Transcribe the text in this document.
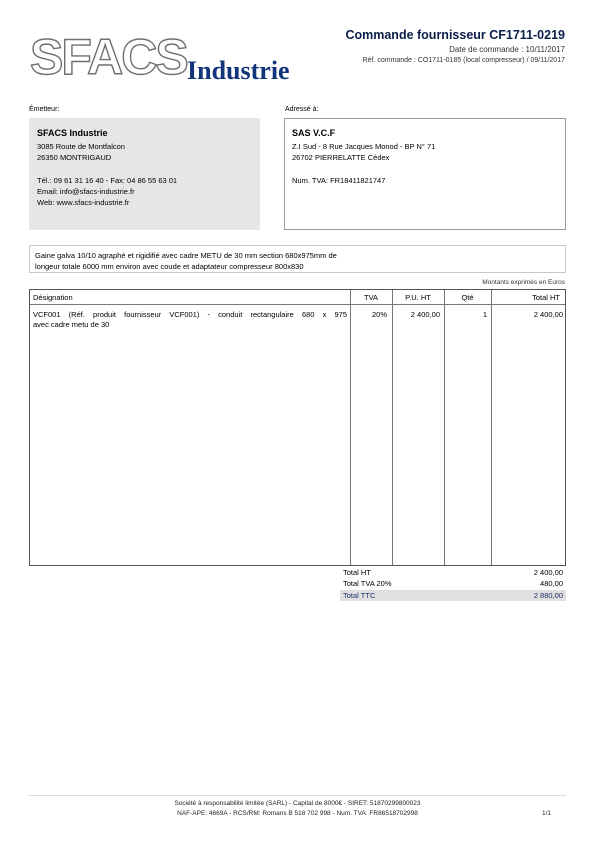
SFACS Industrie
Commande fournisseur CF1711-0219
Date de commande : 10/11/2017
Réf. commande : CO1711-0185 (local compresseur) / 09/11/2017
Émetteur:
SFACS Industrie
3085 Route de Montfalcon
26350 MONTRIGAUD
Tél.: 09 61 31 16 40 - Fax: 04 86 55 63 01
Email: info@sfacs-industrie.fr
Web: www.sfacs-industrie.fr
Adressé à:
SAS V.C.F
Z.I Sud - 8 Rue Jacques Monod - BP N° 71
26702 PIERRELATTE Cédex
Num. TVA: FR18411821747
Gaine galva 10/10 agraphé et rigidifié avec cadre METU de 30 mm section 680x975mm de
longeur totale 6000 mm environ avec coude et adaptateur compresseur 800x830
Montants exprimés en Euros
Désignation	TVA	P.U. HT	Qté	Total HT
VCF001 (Réf. produit fournisseur VCF001) - conduit rectangulaire 680 x 975
avec cadre metu de 30
20%	2 400,00	1	2 400,00
Total HT	2 400,00
Total TVA 20%	480,00
Total TTC	2 880,00
Société à responsabilité limitée (SARL) - Capital de 8000€ - SIRET: 51870299800023
NAF-APE: 4669A - RCS/RM: Romans B 518 702 998 - Num. TVA: FR86518702998	1/1
